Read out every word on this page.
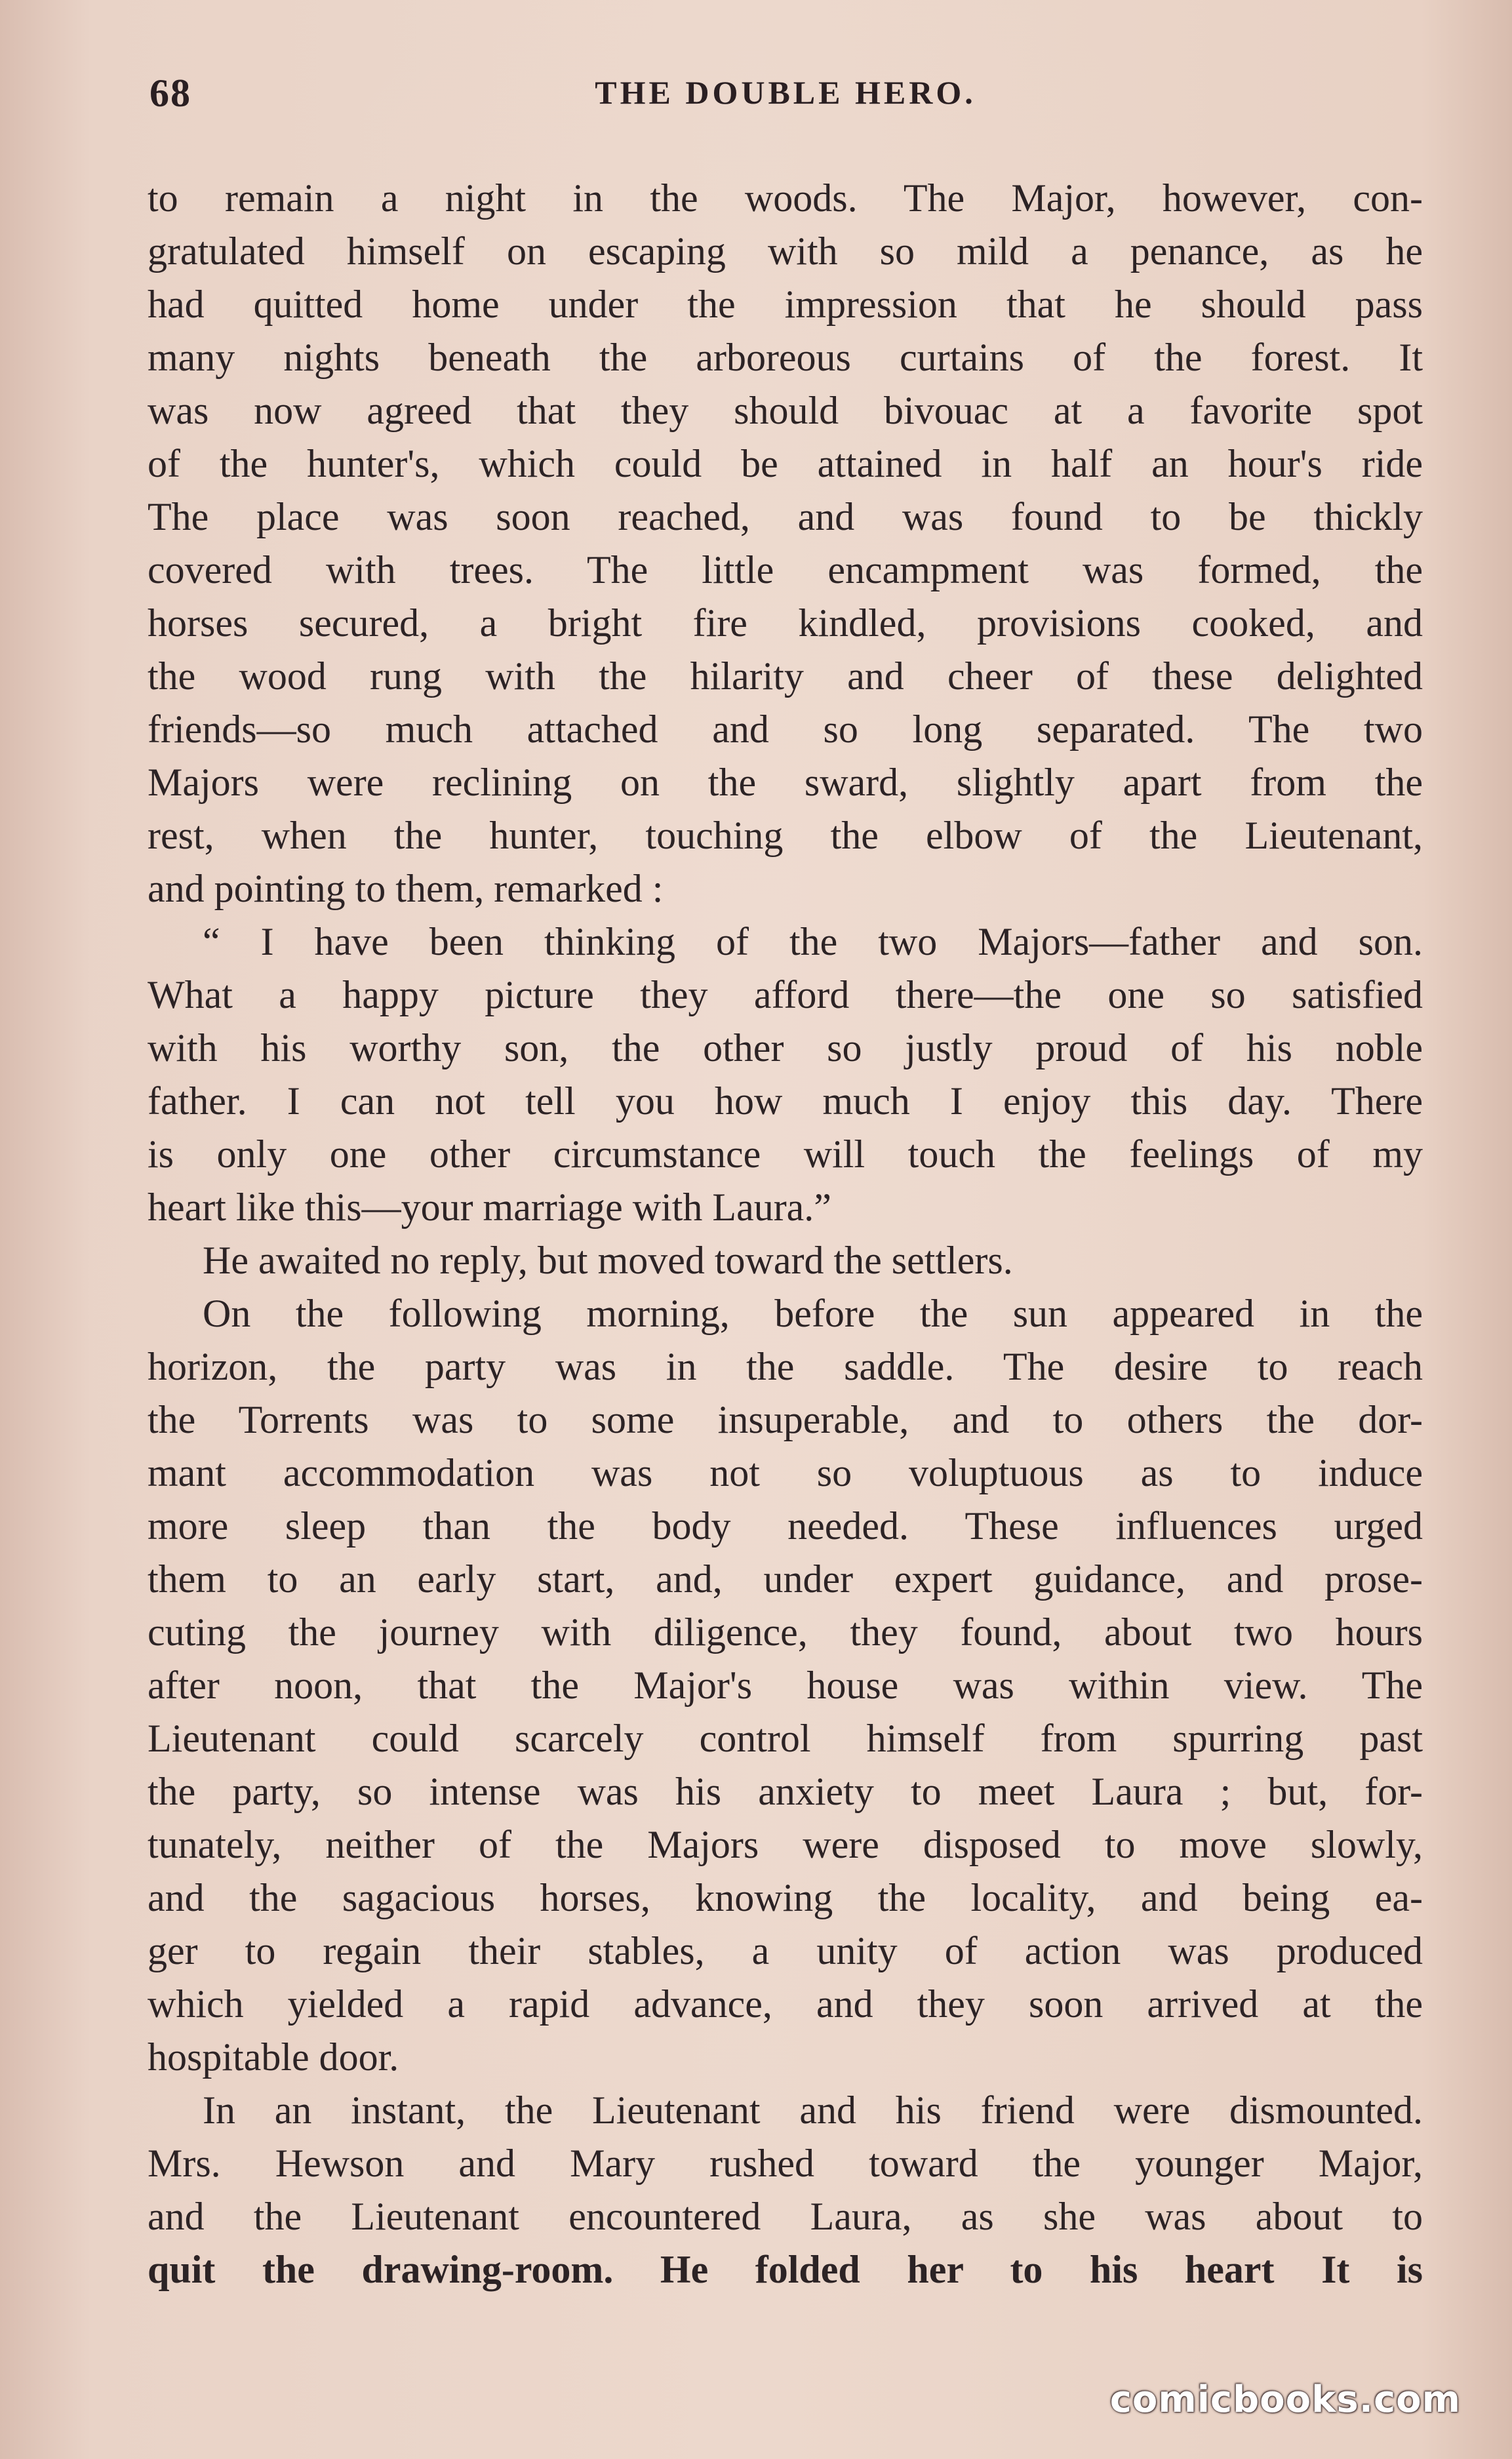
68	THE DOUBLE HERO.
to remain a night in the woods. The Major, however, con-
gratulated himself on escaping with so mild a penance, as he
had quitted home under the impression that he should pass
many nights beneath the arboreous curtains of the forest. It
was now agreed that they should bivouac at a favorite spot
of the hunter's, which could be attained in half an hour's ride
The place was soon reached, and was found to be thickly
covered with trees. The little encampment was formed, the
horses secured, a bright fire kindled, provisions cooked, and
the wood rung with the hilarity and cheer of these delighted
friends—so much attached and so long separated. The two
Majors were reclining on the sward, slightly apart from the
rest, when the hunter, touching the elbow of the Lieutenant,
and pointing to them, remarked :
“ I have been thinking of the two Majors—father and son.
What a happy picture they afford there—the one so satisfied
with his worthy son, the other so justly proud of his noble
father. I can not tell you how much I enjoy this day. There
is only one other circumstance will touch the feelings of my
heart like this—your marriage with Laura.”
He awaited no reply, but moved toward the settlers.
On the following morning, before the sun appeared in the
horizon, the party was in the saddle. The desire to reach
the Torrents was to some insuperable, and to others the dor-
mant accommodation was not so voluptuous as to induce
more sleep than the body needed. These influences urged
them to an early start, and, under expert guidance, and prose-
cuting the journey with diligence, they found, about two hours
after noon, that the Major's house was within view. The
Lieutenant could scarcely control himself from spurring past
the party, so intense was his anxiety to meet Laura ; but, for-
tunately, neither of the Majors were disposed to move slowly,
and the sagacious horses, knowing the locality, and being ea-
ger to regain their stables, a unity of action was produced
which yielded a rapid advance, and they soon arrived at the
hospitable door.
In an instant, the Lieutenant and his friend were dismounted.
Mrs. Hewson and Mary rushed toward the younger Major,
and the Lieutenant encountered Laura, as she was about to
quit the drawing-room. He folded her to his heart It is
comicbooks.com
